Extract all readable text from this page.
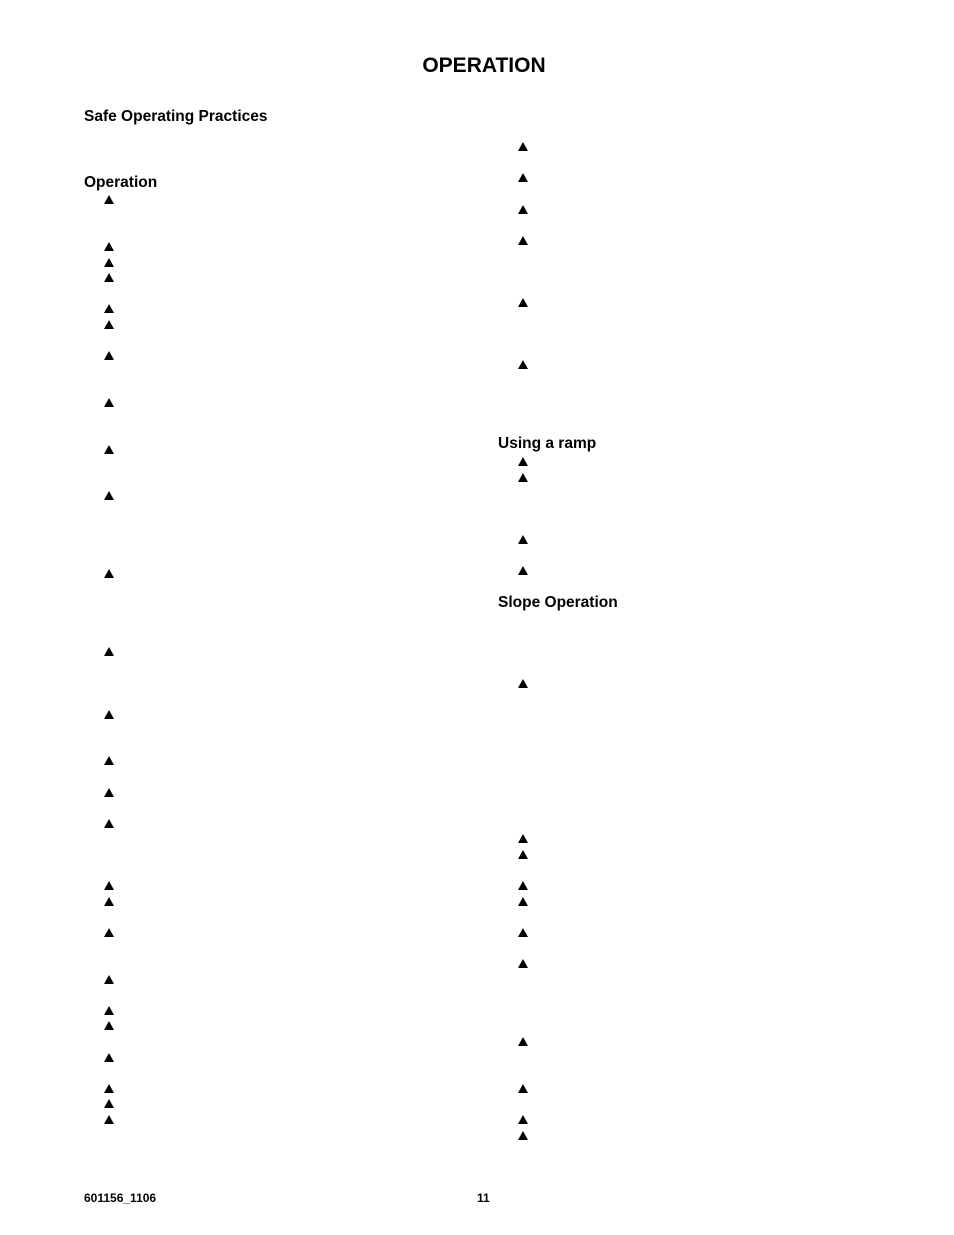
OPERATION
Safe Operating Practices
Operation
Using a ramp
Slope Operation
601156_1106	11
